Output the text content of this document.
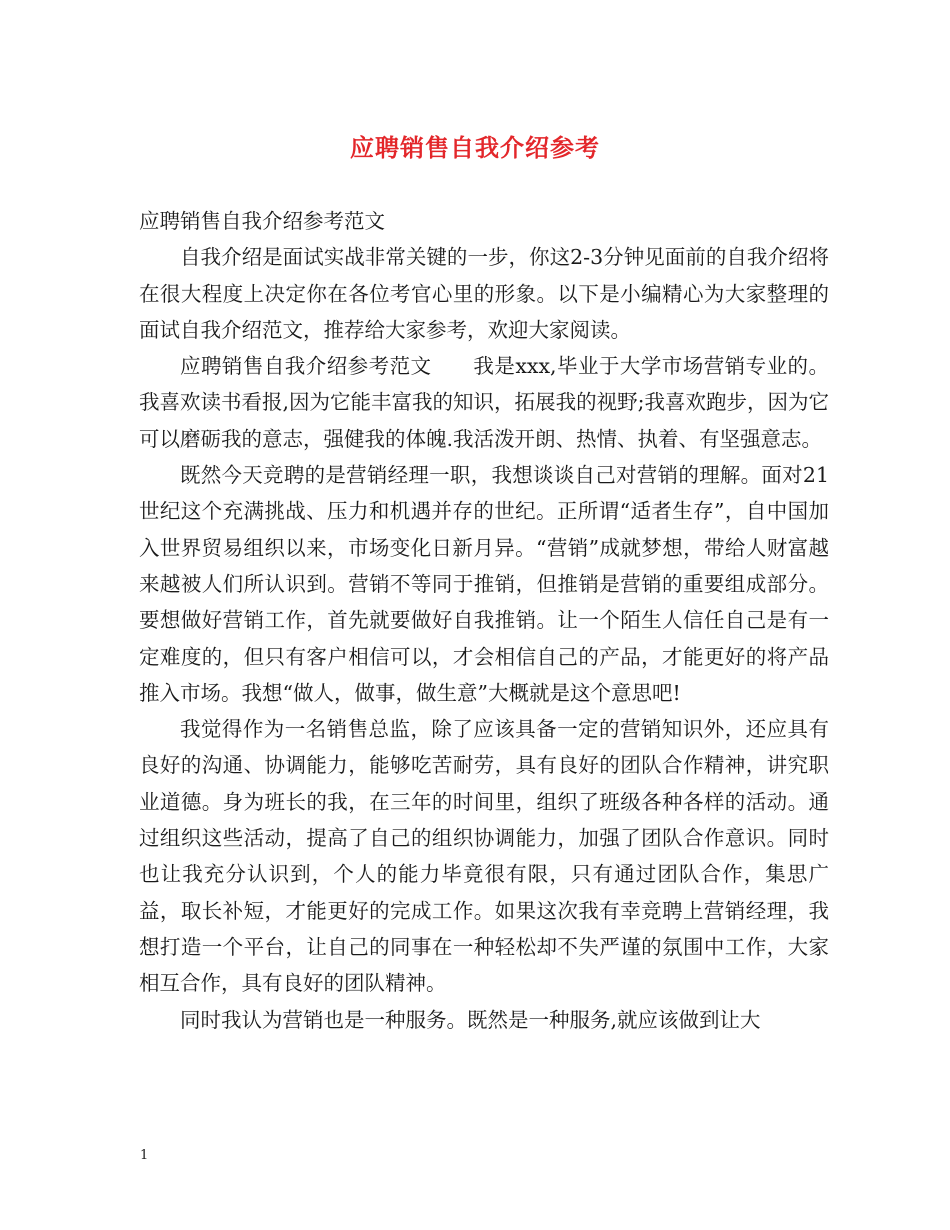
应聘销售自我介绍参考

应聘销售自我介绍参考范文

自我介绍是面试实战非常关键的一步，你这2-3分钟见面前的自我介绍将在很大程度上决定你在各位考官心里的形象。以下是小编精心为大家整理的面试自我介绍范文，推荐给大家参考，欢迎大家阅读。

应聘销售自我介绍参考范文　　我是xxx,毕业于大学市场营销专业的。我喜欢读书看报,因为它能丰富我的知识，拓展我的视野;我喜欢跑步，因为它可以磨砺我的意志，强健我的体魄.我活泼开朗、热情、执着、有坚强意志。

既然今天竞聘的是营销经理一职，我想谈谈自己对营销的理解。面对21世纪这个充满挑战、压力和机遇并存的世纪。正所谓“适者生存”，自中国加入世界贸易组织以来，市场变化日新月异。“营销”成就梦想，带给人财富越来越被人们所认识到。营销不等同于推销，但推销是营销的重要组成部分。要想做好营销工作，首先就要做好自我推销。让一个陌生人信任自己是有一定难度的，但只有客户相信可以，才会相信自己的产品，才能更好的将产品推入市场。我想“做人，做事，做生意”大概就是这个意思吧!

我觉得作为一名销售总监，除了应该具备一定的营销知识外，还应具有良好的沟通、协调能力，能够吃苦耐劳，具有良好的团队合作精神，讲究职业道德。身为班长的我，在三年的时间里，组织了班级各种各样的活动。通过组织这些活动，提高了自己的组织协调能力，加强了团队合作意识。同时也让我充分认识到，个人的能力毕竟很有限，只有通过团队合作，集思广益，取长补短，才能更好的完成工作。如果这次我有幸竞聘上营销经理，我想打造一个平台，让自己的同事在一种轻松却不失严谨的氛围中工作，大家相互合作，具有良好的团队精神。

同时我认为营销也是一种服务。既然是一种服务,就应该做到让大

1
